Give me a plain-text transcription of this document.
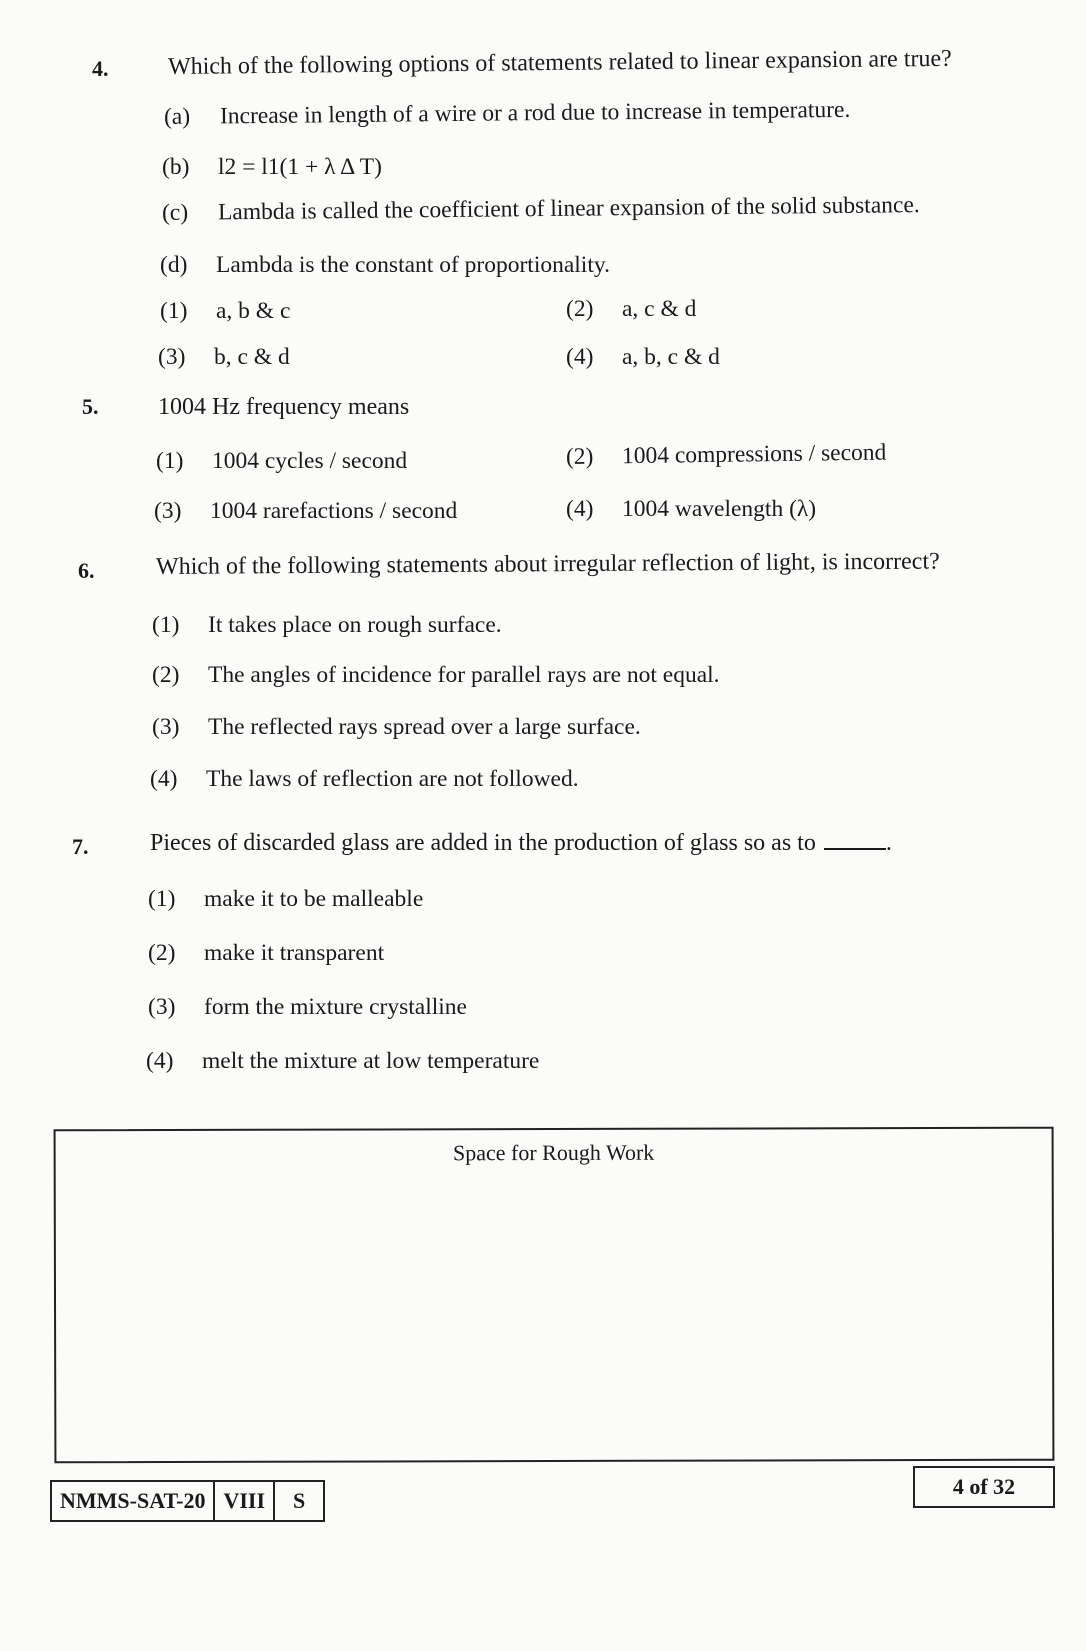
4. Which of the following options of statements related to linear expansion are true?
(a) Increase in length of a wire or a rod due to increase in temperature.
(b) l2 = l1(1 + λ Δ T)
(c) Lambda is called the coefficient of linear expansion of the solid substance.
(d) Lambda is the constant of proportionality.
(1) a, b & c	(2) a, c & d
(3) b, c & d	(4) a, b, c & d
5. 1004 Hz frequency means
(1) 1004 cycles / second	(2) 1004 compressions / second
(3) 1004 rarefactions / second	(4) 1004 wavelength (λ)
6.	Which of the following statements about irregular reflection of light, is incorrect?
(1) It takes place on rough surface.
(2) The angles of incidence for parallel rays are not equal.
(3) The reflected rays spread over a large surface.
(4) The laws of reflection are not followed.
7.	Pieces of discarded glass are added in the production of glass so as to	.
(1) make it to be malleable
(2) make it transparent
(3) form the mixture crystalline
(4) melt the mixture at low temperature
Space for Rough Work
NMMS-SAT-20 VIII	S
4 of 32
